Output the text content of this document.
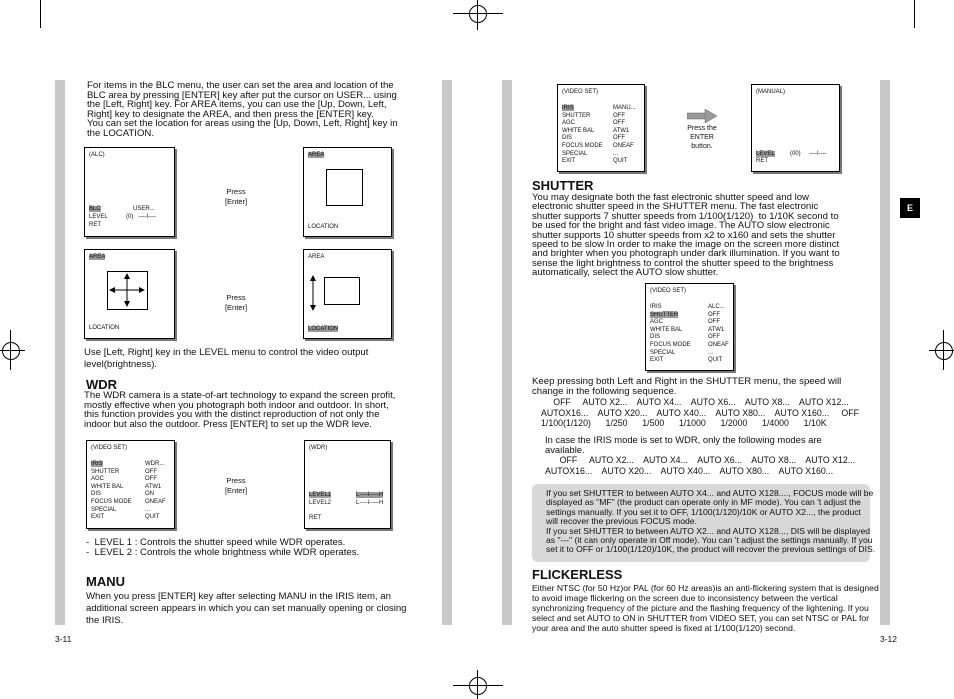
E
(ALC)
BLC	USER...
LEVEL	(0)   ----I----
RET
Press
[Enter]
AREA
LOCATION
AREA
LOCATION
Press
[Enter]
AREA
LOCATION
WDR
(VIDEO SET)
IRIS	WDR...
SHUTTER	OFF
AGC	OFF
WHITE BAL	ATW1
DIS	ON
FOCUS MODE ONEAF
SPECIAL	...
EXIT	QUIT
Press
[Enter]
(WDR)
LEVEL1	L----I-----H
LEVEL2	L----I-----H
RET
MANU
3-11
(VIDEO SET)
IRIS	MANU...
SHUTTER	OFF
AGC	OFF
WHITE BAL	ATW1
DIS	OFF
FOCUS MODE ONEAF
SPECIAL	...
EXIT	QUIT
Press the
ENTER
button.
(MANUAL)
LEVEL	(00)     ----I----
RET
SHUTTER
(VIDEO SET)
IRIS	ALC...
SHUTTER	OFF
AGC	OFF
WHITE BAL	ATW1
DIS	OFF
FOCUS MODE	ONEAF
SPECIAL	...
EXIT	QUIT
FLICKERLESS
3-12
For items in the BLC menu, the user can set the area and location of the
BLC area by pressing [ENTER] key after put the cursor on USER... using
the [Left, Right] key. For AREA items, you can use the [Up, Down, Left,
Right] key to designate the AREA, and then press the [ENTER] key.
You can set the location for areas using the [Up, Down, Left, Right] key in
the LOCATION.
Use [Left, Right] key in the LEVEL menu to control the video output
level(brightness).
The WDR camera is a state-of-art technology to expand the screen profit,
mostly effective when you photograph both indoor and outdoor. In short,
this function provides you with the distinct reproduction of not only the
indoor but also the outdoor. Press [ENTER] to set up the WDR leve.
-  LEVEL 1 : Controls the shutter speed while WDR operates.
-  LEVEL 2 : Controls the whole brightness while WDR operates.
When you press [ENTER] key after selecting MANU in the IRIS item, an
additional screen appears in which you can set manually opening or closing
the IRIS.
You may designate both the fast electronic shutter speed and low
electronic shutter speed in the SHUTTER menu. The fast electronic
shutter supports 7 shutter speeds from 1/100(1/120)  to 1/10K second to
be used for the bright and fast video image. The AUTO slow electronic
shutter supports 10 shutter speeds from x2 to x160 and sets the shutter
speed to be slow In order to make the image on the screen more distinct
and brighter when you photograph under dark illumination. If you want to
sense the light brightness to control the shutter speed to the brightness
automatically, select the AUTO slow shutter.
Keep pressing both Left and Right in the SHUTTER menu, the speed will
change in the following sequence.
OFF     AUTO X2...    AUTO X4...    AUTO X6...    AUTO X8...    AUTO X12...
AUTOX16...    AUTO X20...    AUTO X40...    AUTO X80...    AUTO X160...     OFF
1/100(1/120)      1/250      1/500      1/1000      1/2000      1/4000      1/10K
In case the IRIS mode is set to WDR, only the following modes are
available.
OFF     AUTO X2...    AUTO X4...    AUTO X6...    AUTO X8...    AUTO X12...
AUTOX16...    AUTO X20...    AUTO X40...    AUTO X80...    AUTO X160...
If you set SHUTTER to between AUTO X4... and AUTO X128...., FOCUS mode will be
displayed as "MF" (the product can operate only in MF mode). You can 't adjust the
settings manually. If you set it to OFF, 1/100(1/120)/10K or AUTO X2..., the product
will recover the previous FOCUS mode.
If you set SHUTTER to between AUTO X2... and AUTO X128..., DIS will be displayed
as "---" (it can only operate in Off mode). You can 't adjust the settings manually. If you
set it to OFF or 1/100(1/120)/10K, the product will recover the previous settings of DIS.
Either NTSC (for 50 Hz)or PAL (for 60 Hz areas)is an anti-flickering system that is designed
to avoid image flickering on the screen due to inconsistency between the vertical
synchronizing frequency of the picture and the flashing frequency of the lightening. If you
select and set AUTO to ON in SHUTTER from VIDEO SET, you can set NTSC or PAL for
your area and the auto shutter speed is fixed at 1/100(1/120) second.
